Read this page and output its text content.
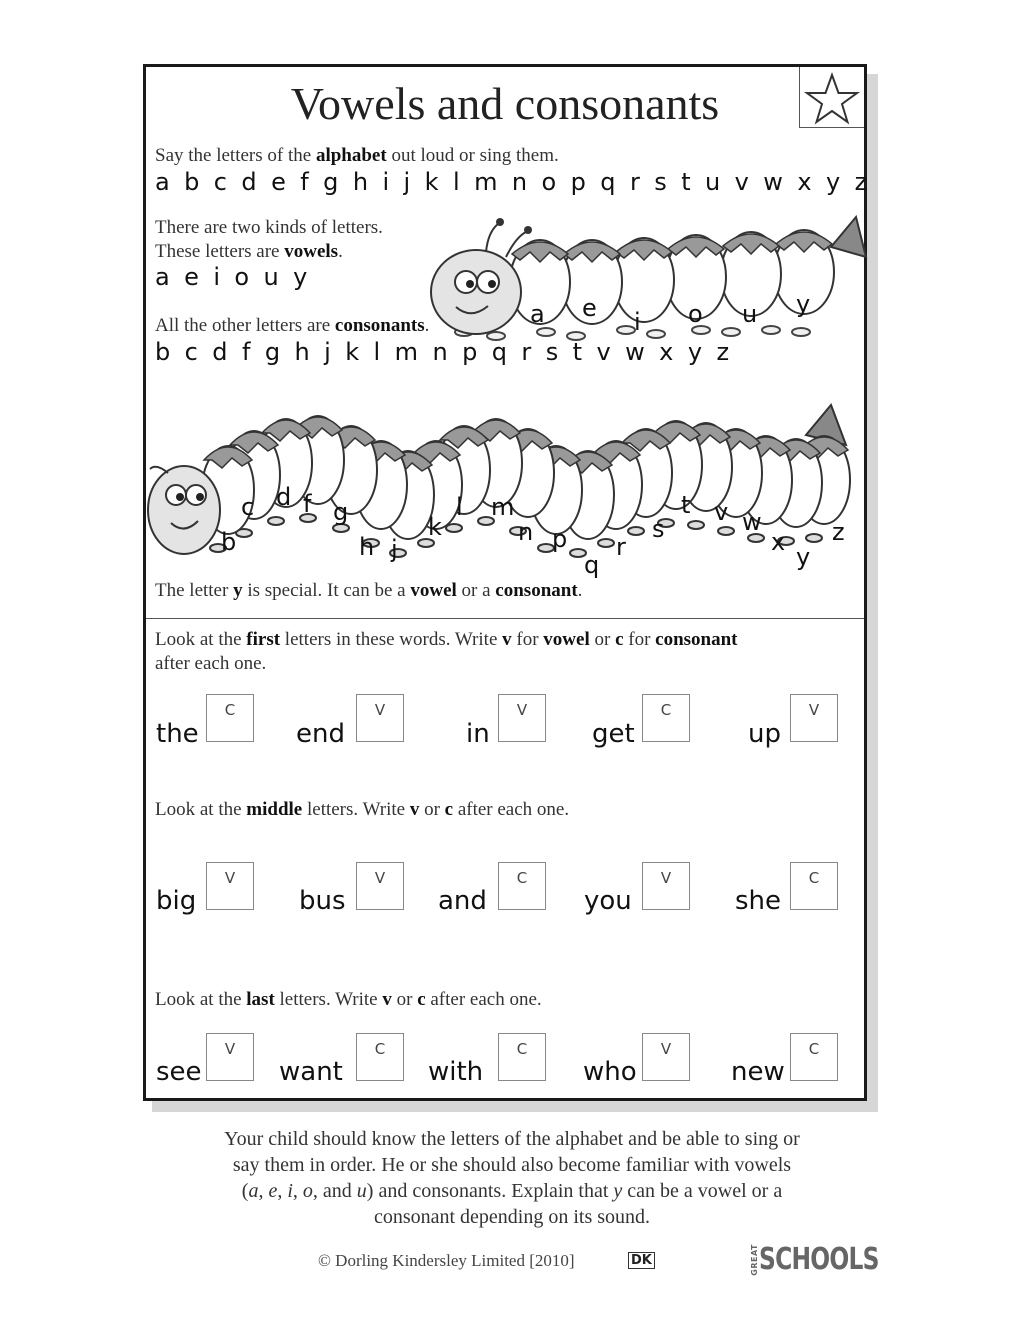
Vowels and consonants
Say the letters of the alphabet out loud or sing them.
a b c d e f g h i j k l m n o p q r s t u v w x y z
There are two kinds of letters.
These letters are vowels.
a e i o u y
a e i o u y
All the other letters are consonants.
b c d f g h j k l m n p q r s t v w x y z
b
c d f g
h j
k
l m
n p
q
r
s
t v w
x
y
z
The letter y is special. It can be a vowel or a consonant.
Look at the first letters in these words. Write v for vowel or c for consonant
after each one.
the
C
end
V
in
V
get
C
up
V
Look at the middle letters. Write v or c after each one.
big
V
bus
V
and
C
you
V
she
C
Look at the last letters. Write v or c after each one.
see
V
want
C
with
C
who
V
new
C
Your child should know the letters of the alphabet and be able to sing or
say them in order. He or she should also become familiar with vowels
(a, e, i, o, and u) and consonants. Explain that y can be a vowel or a
consonant depending on its sound.
© Dorling Kindersley Limited [2010]	DK	GREATSCHOOLS
